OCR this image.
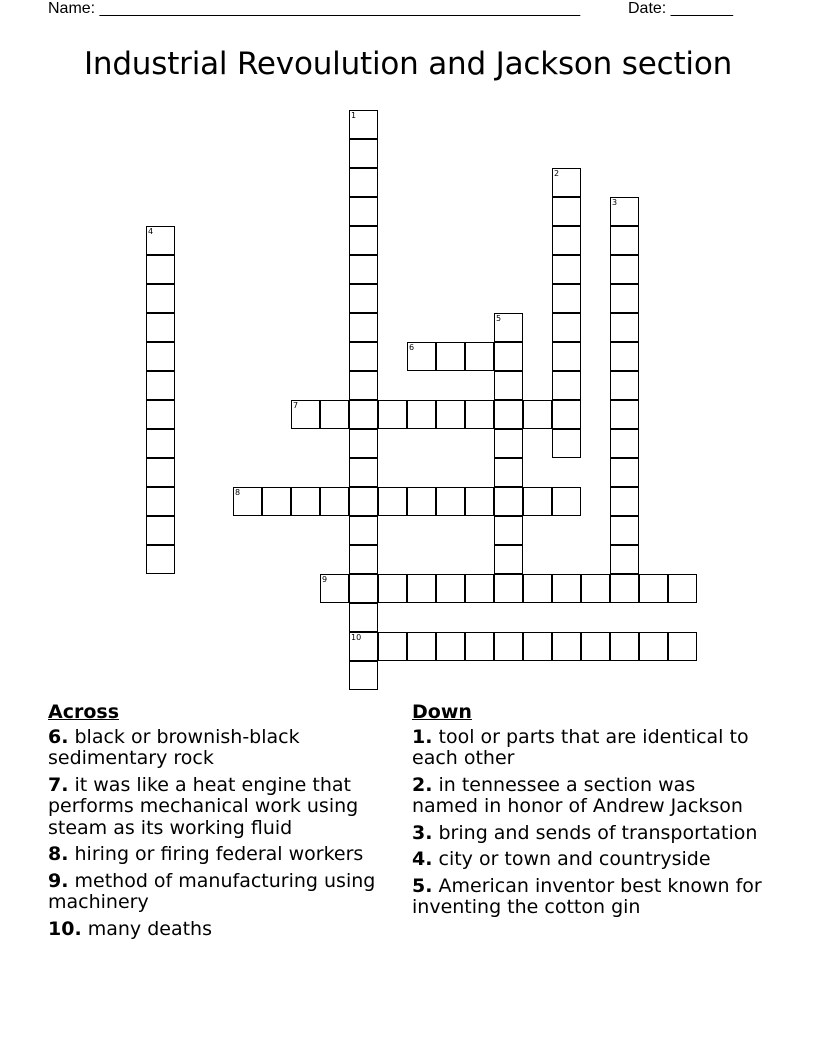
Name: ______________________________________________________	Date: _______
Industrial Revoulution and Jackson section
1
10
2
3
4
5
6
7
8
9
Across
6. black or brownish-black sedimentary rock
7. it was like a heat engine that performs mechanical work using steam as its working fluid
8. hiring or firing federal workers
9. method of manufacturing using machinery
10. many deaths
Down
1. tool or parts that are identical to each other
2. in tennessee a section was named in honor of Andrew Jackson
3. bring and sends of transportation
4. city or town and countryside
5. American inventor best known for inventing the cotton gin
